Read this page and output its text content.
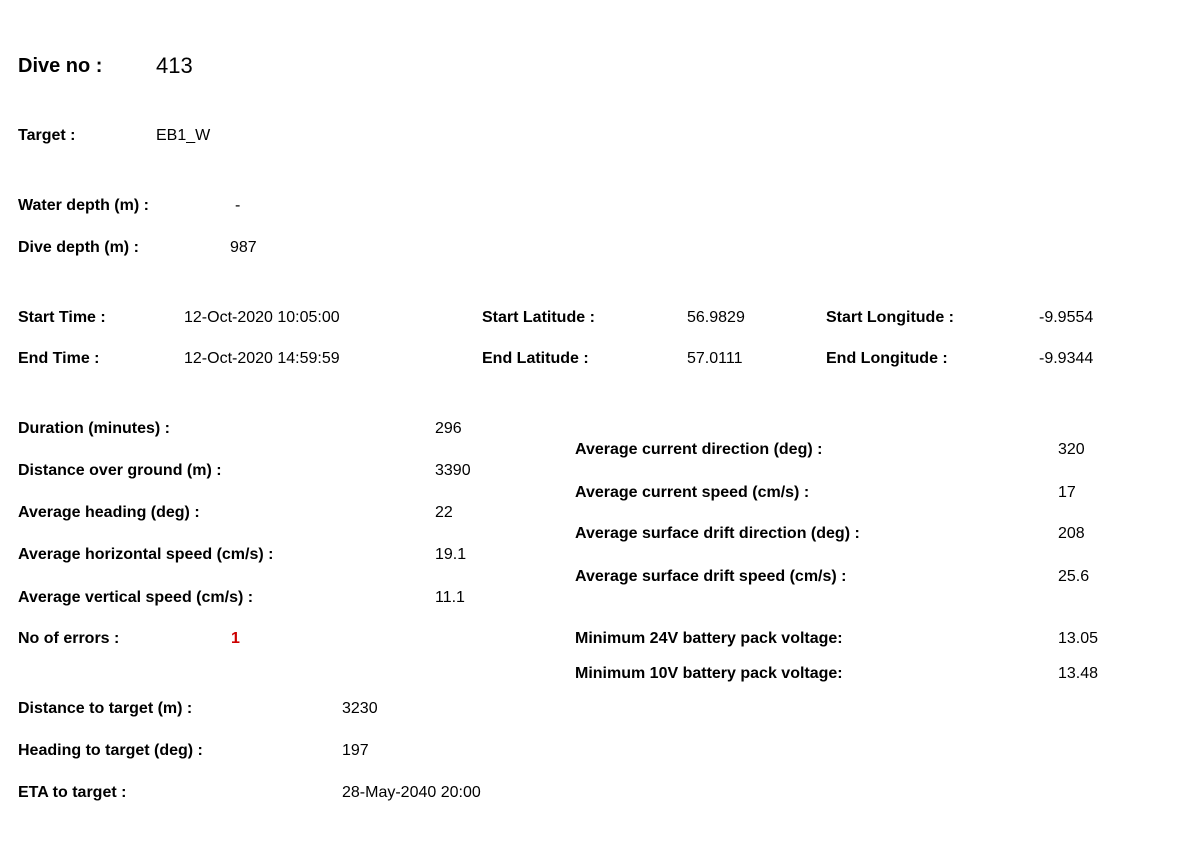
Dive no : 413
Target :	EB1_W
Water depth (m) :	-
Dive depth (m) :	987
Start Time :	12-Oct-2020 10:05:00	Start Latitude :	56.9829	Start Longitude :	-9.9554
End Time :	12-Oct-2020 14:59:59	End Latitude :	57.0111	End Longitude :	-9.9344
Duration (minutes) :	296
Distance over ground (m) :	3390
Average heading (deg) :	22
Average horizontal speed (cm/s) :	19.1
Average vertical speed (cm/s) :	11.1
No of errors :	1
Average current direction (deg) :	320
Average current speed (cm/s) :	17
Average surface drift direction (deg) :	208
Average surface drift speed (cm/s) :	25.6
Minimum 24V battery pack voltage:	13.05
Minimum 10V battery pack voltage:	13.48
Distance to target (m) :	3230
Heading to target (deg) :	197
ETA to target :	28-May-2040 20:00
